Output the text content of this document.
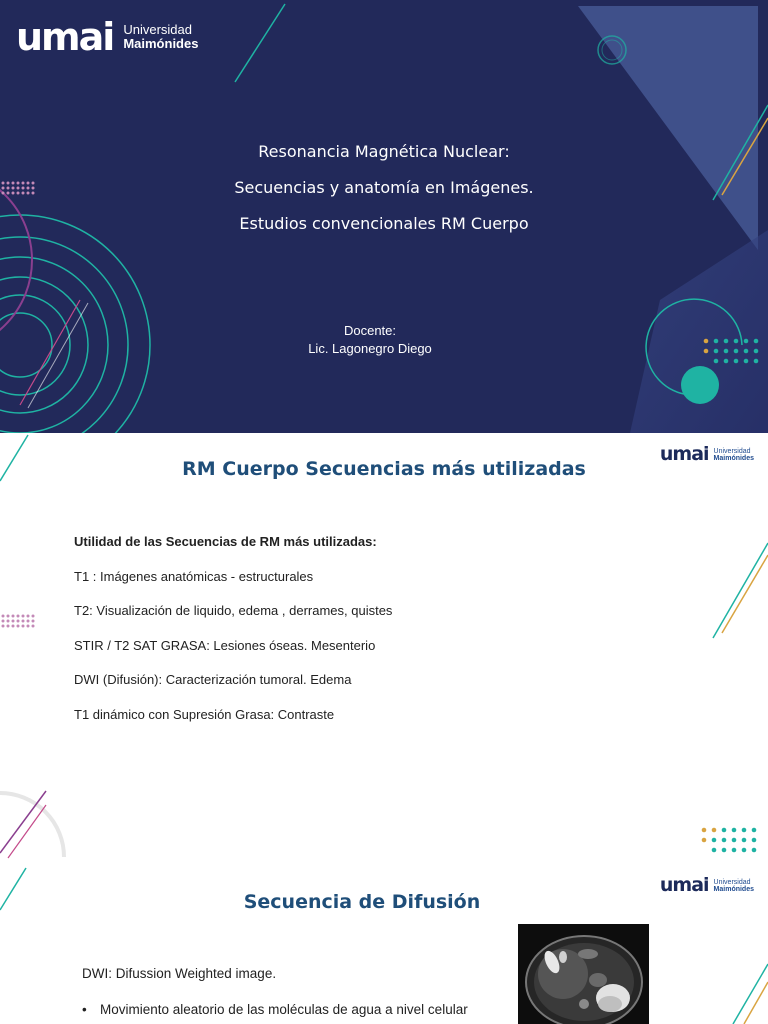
umai Universidad
Maimónides
Resonancia Magnética Nuclear:
Secuencias y anatomía en Imágenes.
Estudios convencionales RM Cuerpo
Docente:
Lic. Lagonegro Diego
umai Universidad
Maimónides
RM Cuerpo Secuencias más utilizadas
Utilidad de las Secuencias de RM más utilizadas:
T1 : Imágenes anatómicas - estructurales
T2: Visualización de liquido, edema , derrames, quistes
STIR / T2 SAT GRASA: Lesiones óseas. Mesenterio
DWI (Difusión): Caracterización tumoral. Edema
T1 dinámico con Supresión Grasa: Contraste
umai Universidad
Maimónides
Secuencia de Difusión
DWI: Difussion Weighted image.
• Movimiento aleatorio de las moléculas de agua a nivel celular
